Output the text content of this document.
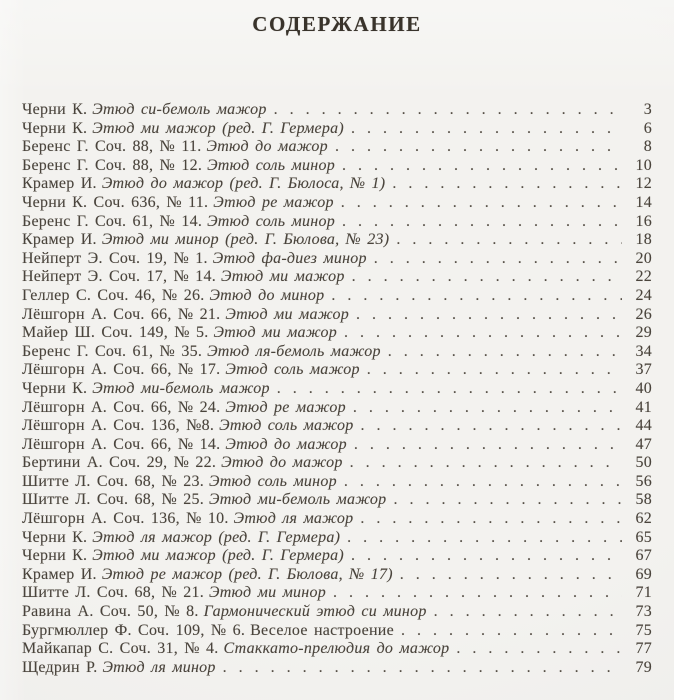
СОДЕРЖАНИЕ
Черни К. Этюд си-бемоль мажор . . .	3
Черни К. Этюд ми мажор (ред. Г. Гермера) . . .	6
Беренс Г. Соч. 88, № 11. Этюд до мажор . . .	8
Беренс Г. Соч. 88, № 12. Этюд соль минор . . .	10
Крамер И. Этюд до мажор (ред. Г. Бюлоса, № 1) . . .	12
Черни К. Соч. 636, № 11. Этюд ре мажор . . .	14
Беренс Г. Соч. 61, № 14. Этюд соль минор . . .	16
Крамер И. Этюд ми минор (ред. Г. Бюлова, № 23) . . .	18
Нейперт Э. Соч. 19, № 1. Этюд фа-диез минор . . .	20
Нейперт Э. Соч. 17, № 14. Этюд ми мажор . . .	22
Геллер С. Соч. 46, № 26. Этюд до минор . . .	24
Лёшгорн А. Соч. 66, № 21. Этюд ми мажор . . .	26
Майер Ш. Соч. 149, № 5. Этюд ми мажор . . .	29
Беренс Г. Соч. 61, № 35. Этюд ля-бемоль мажор . . .	34
Лёшгорн А. Соч. 66, № 17. Этюд соль мажор . . .	37
Черни К. Этюд ми-бемоль мажор . . .	40
Лёшгорн А. Соч. 66, № 24. Этюд ре мажор . . .	41
Лёшгорн А. Соч. 136, №8. Этюд соль мажор . . .	44
Лёшгорн А. Соч. 66, № 14. Этюд до мажор . . .	47
Бертини А. Соч. 29, № 22. Этюд до мажор . . .	50
Шитте Л. Соч. 68, № 23. Этюд соль минор . . .	56
Шитте Л. Соч. 68, № 25. Этюд ми-бемоль мажор . . .	58
Лёшгорн А. Соч. 136, № 10. Этюд ля мажор . . .	62
Черни К. Этюд ля мажор (ред. Г. Гермера) . . .	65
Черни К. Этюд ми мажор (ред. Г. Гермера) . . .	67
Крамер И. Этюд ре мажор (ред. Г. Бюлова, № 17) . . .	69
Шитте Л. Соч. 68, № 21. Этюд ми минор . . .	71
Равина А. Соч. 50, № 8. Гармонический этюд си минор . . .	73
Бургмюллер Ф. Соч. 109, № 6. Веселое настроение . . .	75
Майкапар С. Соч. 31, № 4. Стаккато-прелюдия до мажор . . .	77
Щедрин Р. Этюд ля минор . . .	79
